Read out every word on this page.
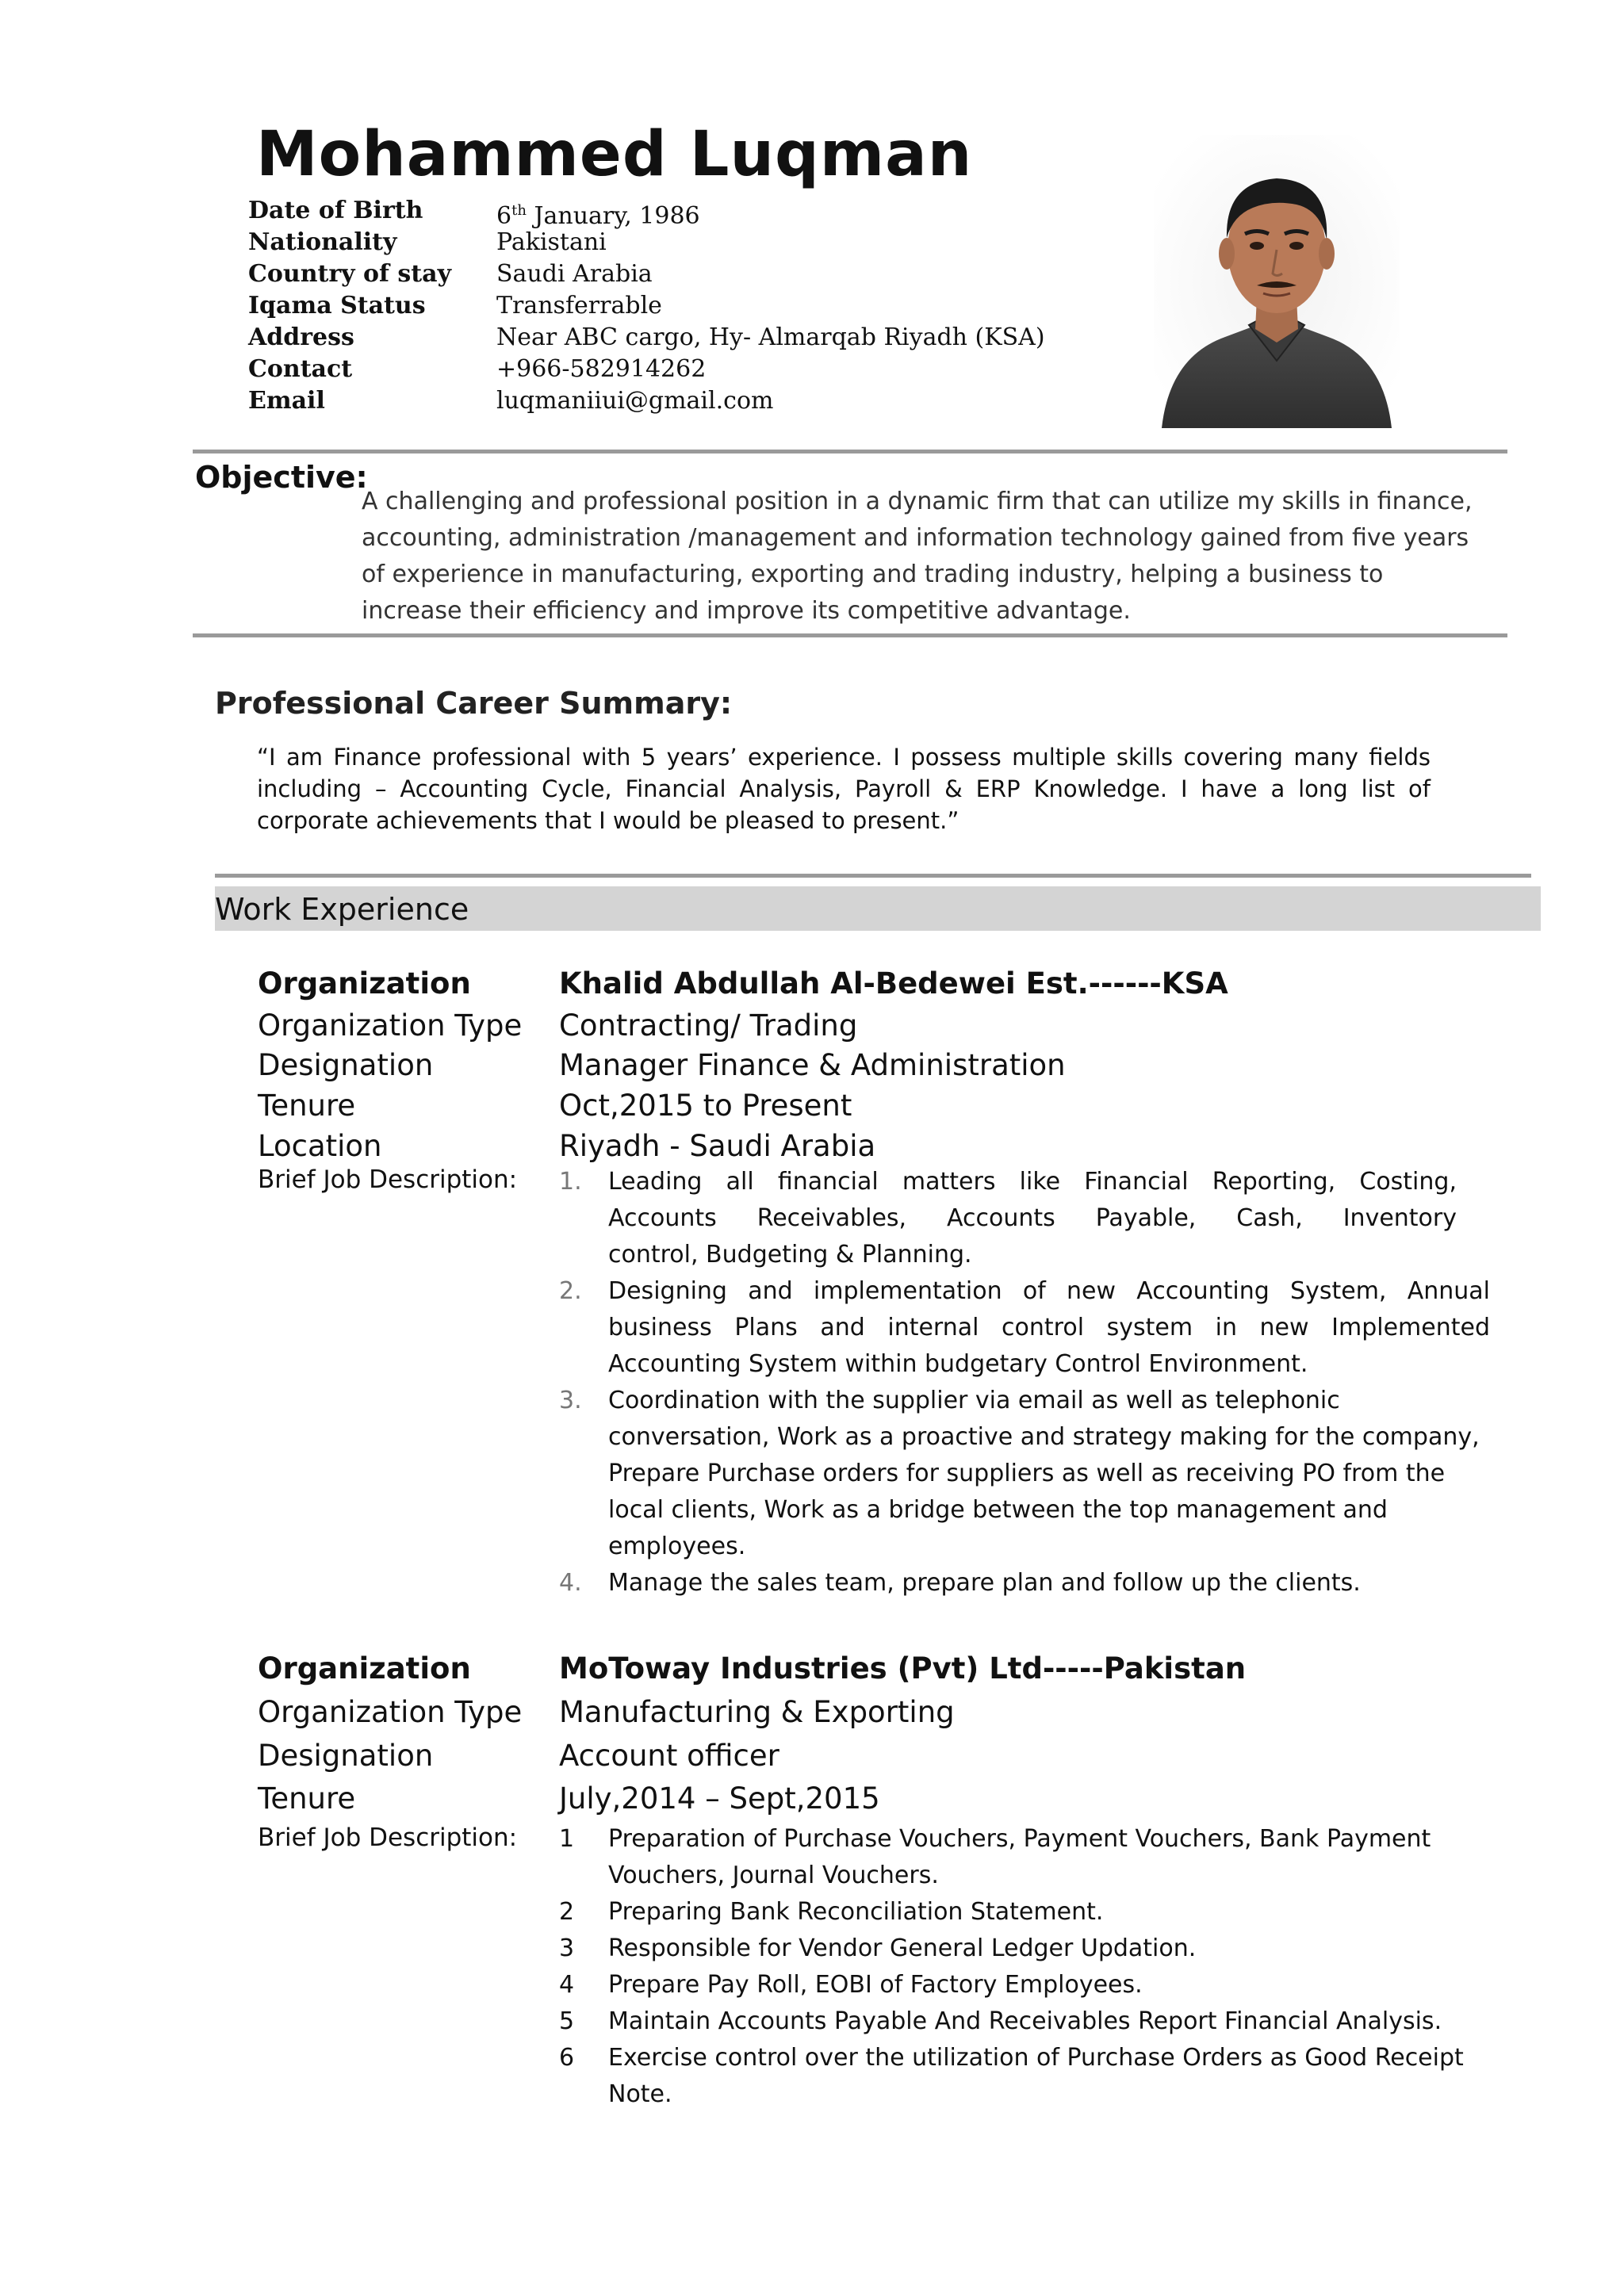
Mohammed Luqman
Date of Birth	6th January, 1986
Nationality	Pakistani
Country of stay	Saudi Arabia
Iqama Status	Transferrable
Address	Near ABC cargo, Hy- Almarqab Riyadh (KSA)
Contact	+966-582914262
Email	luqmaniiui@gmail.com
Objective:
A challenging and professional position in a dynamic firm that can utilize my skills in finance,
accounting, administration /management and information technology gained from five years
of experience in manufacturing, exporting and trading industry, helping a business to
increase their efficiency and improve its competitive advantage.
Professional Career Summary:
“I am Finance professional with 5 years’ experience. I possess multiple skills covering many fields including – Accounting Cycle, Financial Analysis, Payroll & ERP Knowledge. I have a long list of corporate achievements that I would be pleased to present.”
Work Experience
Organization	Khalid Abdullah Al-Bedewei Est.------KSA
Organization Type Contracting/ Trading
Designation	Manager Finance & Administration
Tenure	Oct,2015 to Present
Location	Riyadh - Saudi Arabia
Brief Job Description: 1.	Leading all financial matters like Financial Reporting, Costing,
Accounts Receivables, Accounts Payable, Cash, Inventory
control, Budgeting & Planning.
2.	Designing and implementation of new Accounting System, Annual
business Plans and internal control system in new Implemented
Accounting System within budgetary Control Environment.
3.	Coordination with the supplier via email as well as telephonic
conversation, Work as a proactive and strategy making for the company,
Prepare Purchase orders for suppliers as well as receiving PO from the
local clients, Work as a bridge between the top management and
employees.
4.	Manage the sales team, prepare plan and follow up the clients.
Organization	MoToway Industries (Pvt) Ltd-----Pakistan
Organization Type Manufacturing & Exporting
Designation	Account officer
Tenure	July,2014 – Sept,2015
Brief Job Description: 1	Preparation of Purchase Vouchers, Payment Vouchers, Bank Payment
Vouchers, Journal Vouchers.
2	Preparing Bank Reconciliation Statement.
3	Responsible for Vendor General Ledger Updation.
4	Prepare Pay Roll, EOBI of Factory Employees.
5	Maintain Accounts Payable And Receivables Report Financial Analysis.
6	Exercise control over the utilization of Purchase Orders as Good Receipt
Note.
